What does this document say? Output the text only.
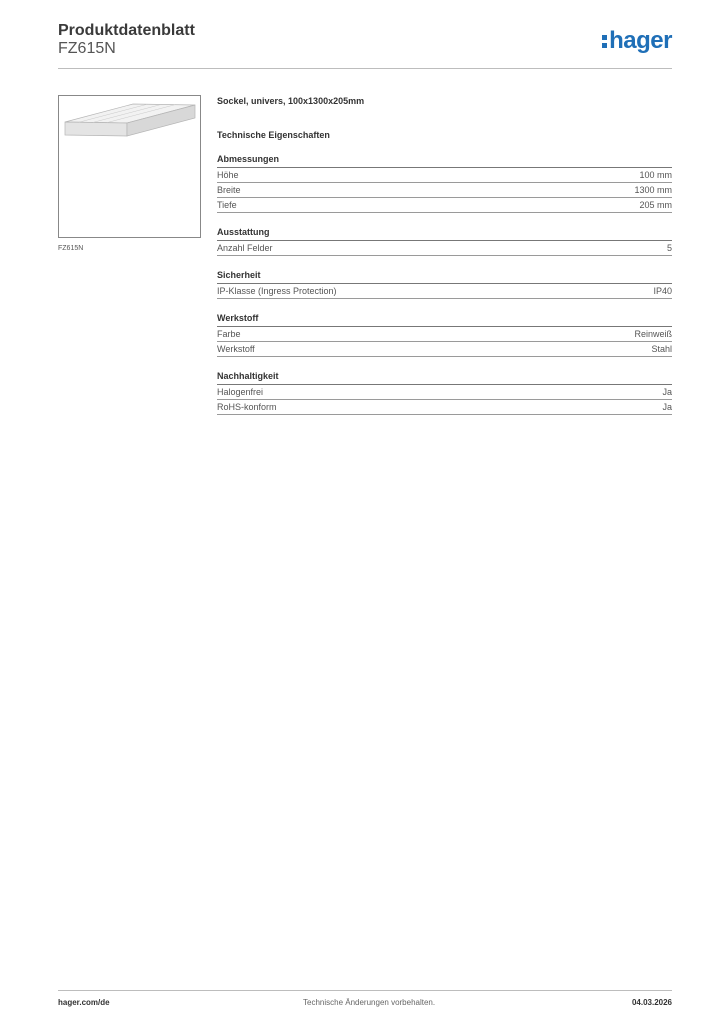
Produktdatenblatt
FZ615N	hager
FZ615N
Sockel, univers, 100x1300x205mm
Technische Eigenschaften
Abmessungen
Höhe	100 mm
Breite	1300 mm
Tiefe	205 mm
Ausstattung
Anzahl Felder	5
Sicherheit
IP-Klasse (Ingress Protection)	IP40
Werkstoff
Farbe	Reinweiß
Werkstoff	Stahl
Nachhaltigkeit
Halogenfrei	Ja
RoHS-konform	Ja
hager.com/de	Technische Änderungen vorbehalten.	04.03.2026
